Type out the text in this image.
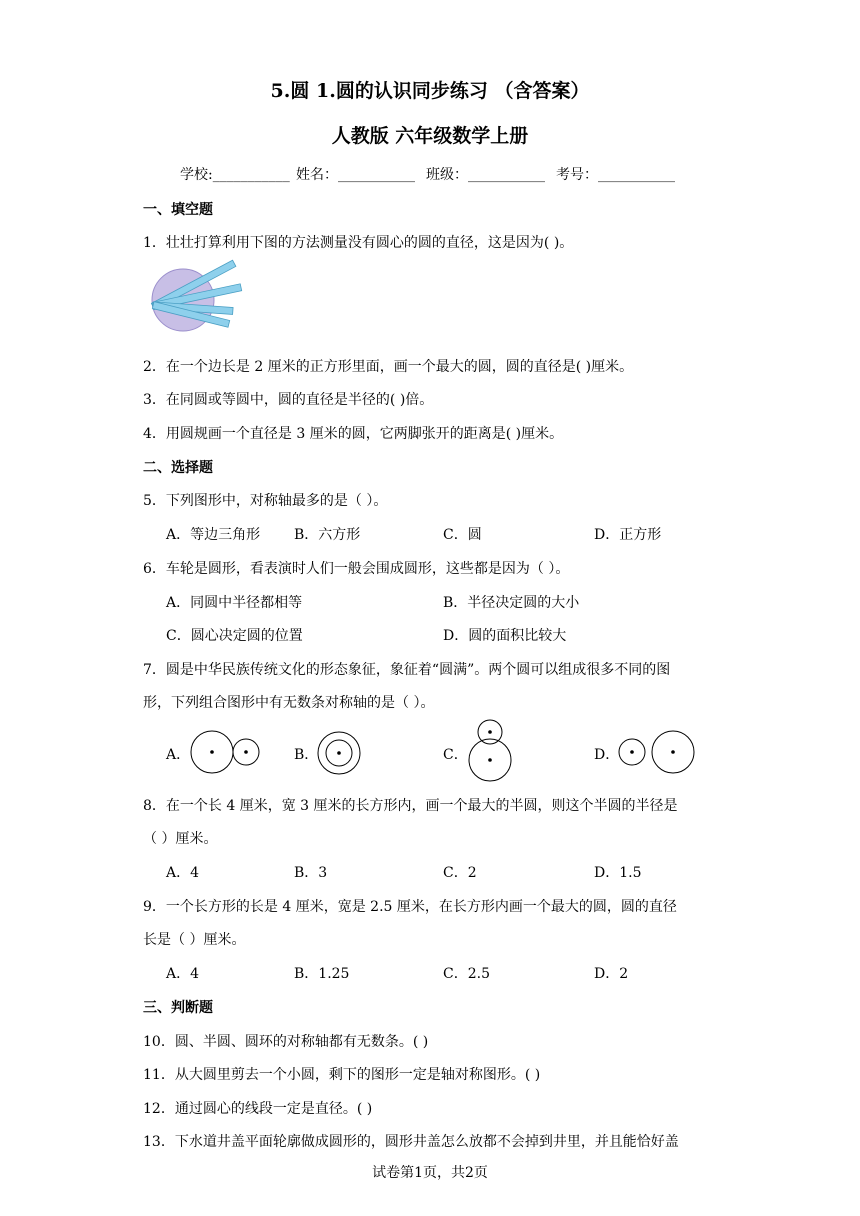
5.圆 1.圆的认识同步练习 （含答案）
人教版 六年级数学上册
学校:___________ 姓名：___________ 班级：___________ 考号：___________
一、填空题
1．壮壮打算利用下图的方法测量没有圆心的圆的直径，这是因为( )。
2．在一个边长是 2 厘米的正方形里面，画一个最大的圆，圆的直径是( )厘米。
3．在同圆或等圆中，圆的直径是半径的( )倍。
4．用圆规画一个直径是 3 厘米的圆，它两脚张开的距离是( )厘米。
二、选择题
5．下列图形中，对称轴最多的是（ ）。
A．等边三角形 B．六方形	C．圆	D．正方形
6．车轮是圆形，看表演时人们一般会围成圆形，这些都是因为（ ）。
A．同圆中半径都相等	B．半径决定圆的大小
C．圆心决定圆的位置	D．圆的面积比较大
7．圆是中华民族传统文化的形态象征，象征着“圆满”。两个圆可以组成很多不同的图
形，下列组合图形中有无数条对称轴的是（ ）。
A．	B．	C．	D．
8．在一个长 4 厘米，宽 3 厘米的长方形内，画一个最大的半圆，则这个半圆的半径是
（ ）厘米。
A．4	B．3	C．2	D．1.5
9．一个长方形的长是 4 厘米，宽是 2.5 厘米，在长方形内画一个最大的圆，圆的直径
长是（ ）厘米。
A．4	B．1.25	C．2.5	D．2
三、判断题
10．圆、半圆、圆环的对称轴都有无数条。( )
11．从大圆里剪去一个小圆，剩下的图形一定是轴对称图形。( )
12．通过圆心的线段一定是直径。( )
13．下水道井盖平面轮廓做成圆形的，圆形井盖怎么放都不会掉到井里，并且能恰好盖
试卷第1页，共2页
